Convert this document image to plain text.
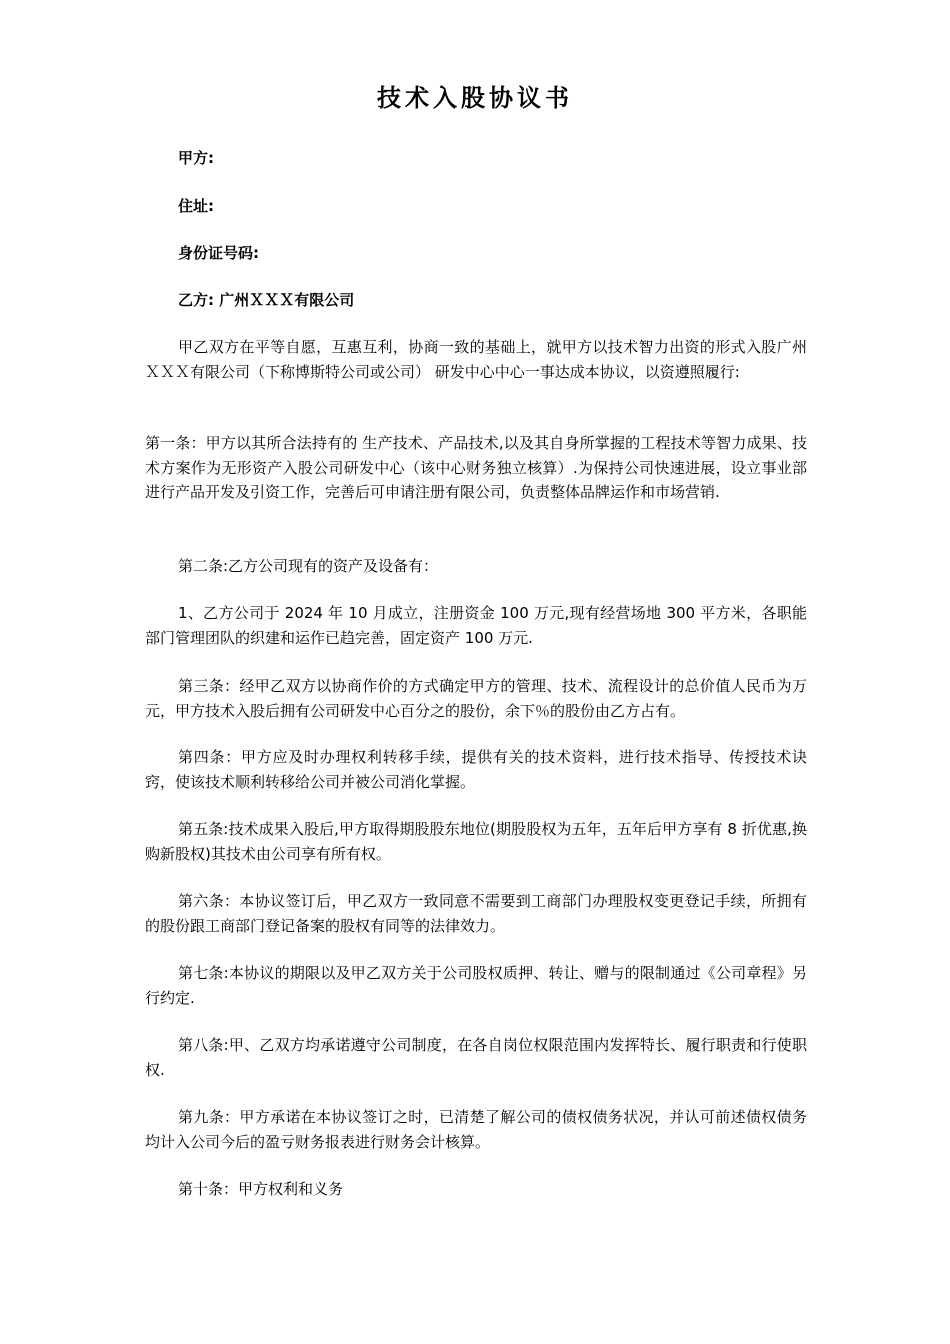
技术入股协议书
甲方:
住址:
身份证号码:
乙方: 广州ＸＸＸ有限公司
甲乙双方在平等自愿，互惠互利，协商一致的基础上，就甲方以技术智力出资的形式入股广州ＸＸＸ有限公司（下称博斯特公司或公司） 研发中心中心一事达成本协议，以资遵照履行:
第一条：甲方以其所合法持有的 生产技术、产品技术,以及其自身所掌握的工程技术等智力成果、技术方案作为无形资产入股公司研发中心（该中心财务独立核算）.为保持公司快速进展，设立事业部进行产品开发及引资工作，完善后可申请注册有限公司，负责整体品牌运作和市场营销.
第二条:乙方公司现有的资产及设备有：
1、乙方公司于 2024 年 10 月成立，注册资金 100 万元,现有经营场地 300 平方米，各职能部门管理团队的织建和运作已趋完善，固定资产 100 万元.
第三条：经甲乙双方以协商作价的方式确定甲方的管理、技术、流程设计的总价值人民币为万元，甲方技术入股后拥有公司研发中心百分之的股份，余下％的股份由乙方占有。
第四条：甲方应及时办理权利转移手续，提供有关的技术资料，进行技术指导、传授技术诀窍，使该技术顺利转移给公司并被公司消化掌握。
第五条:技术成果入股后,甲方取得期股股东地位(期股股权为五年，五年后甲方享有 8 折优惠,换购新股权)其技术由公司享有所有权。
第六条：本协议签订后，甲乙双方一致同意不需要到工商部门办理股权变更登记手续，所拥有的股份跟工商部门登记备案的股权有同等的法律效力。
第七条:本协议的期限以及甲乙双方关于公司股权质押、转让、赠与的限制通过《公司章程》另行约定.
第八条:甲、乙双方均承诺遵守公司制度，在各自岗位权限范围内发挥特长、履行职责和行使职权.
第九条：甲方承诺在本协议签订之时，已清楚了解公司的债权债务状况，并认可前述债权债务均计入公司今后的盈亏财务报表进行财务会计核算。
第十条：甲方权利和义务
